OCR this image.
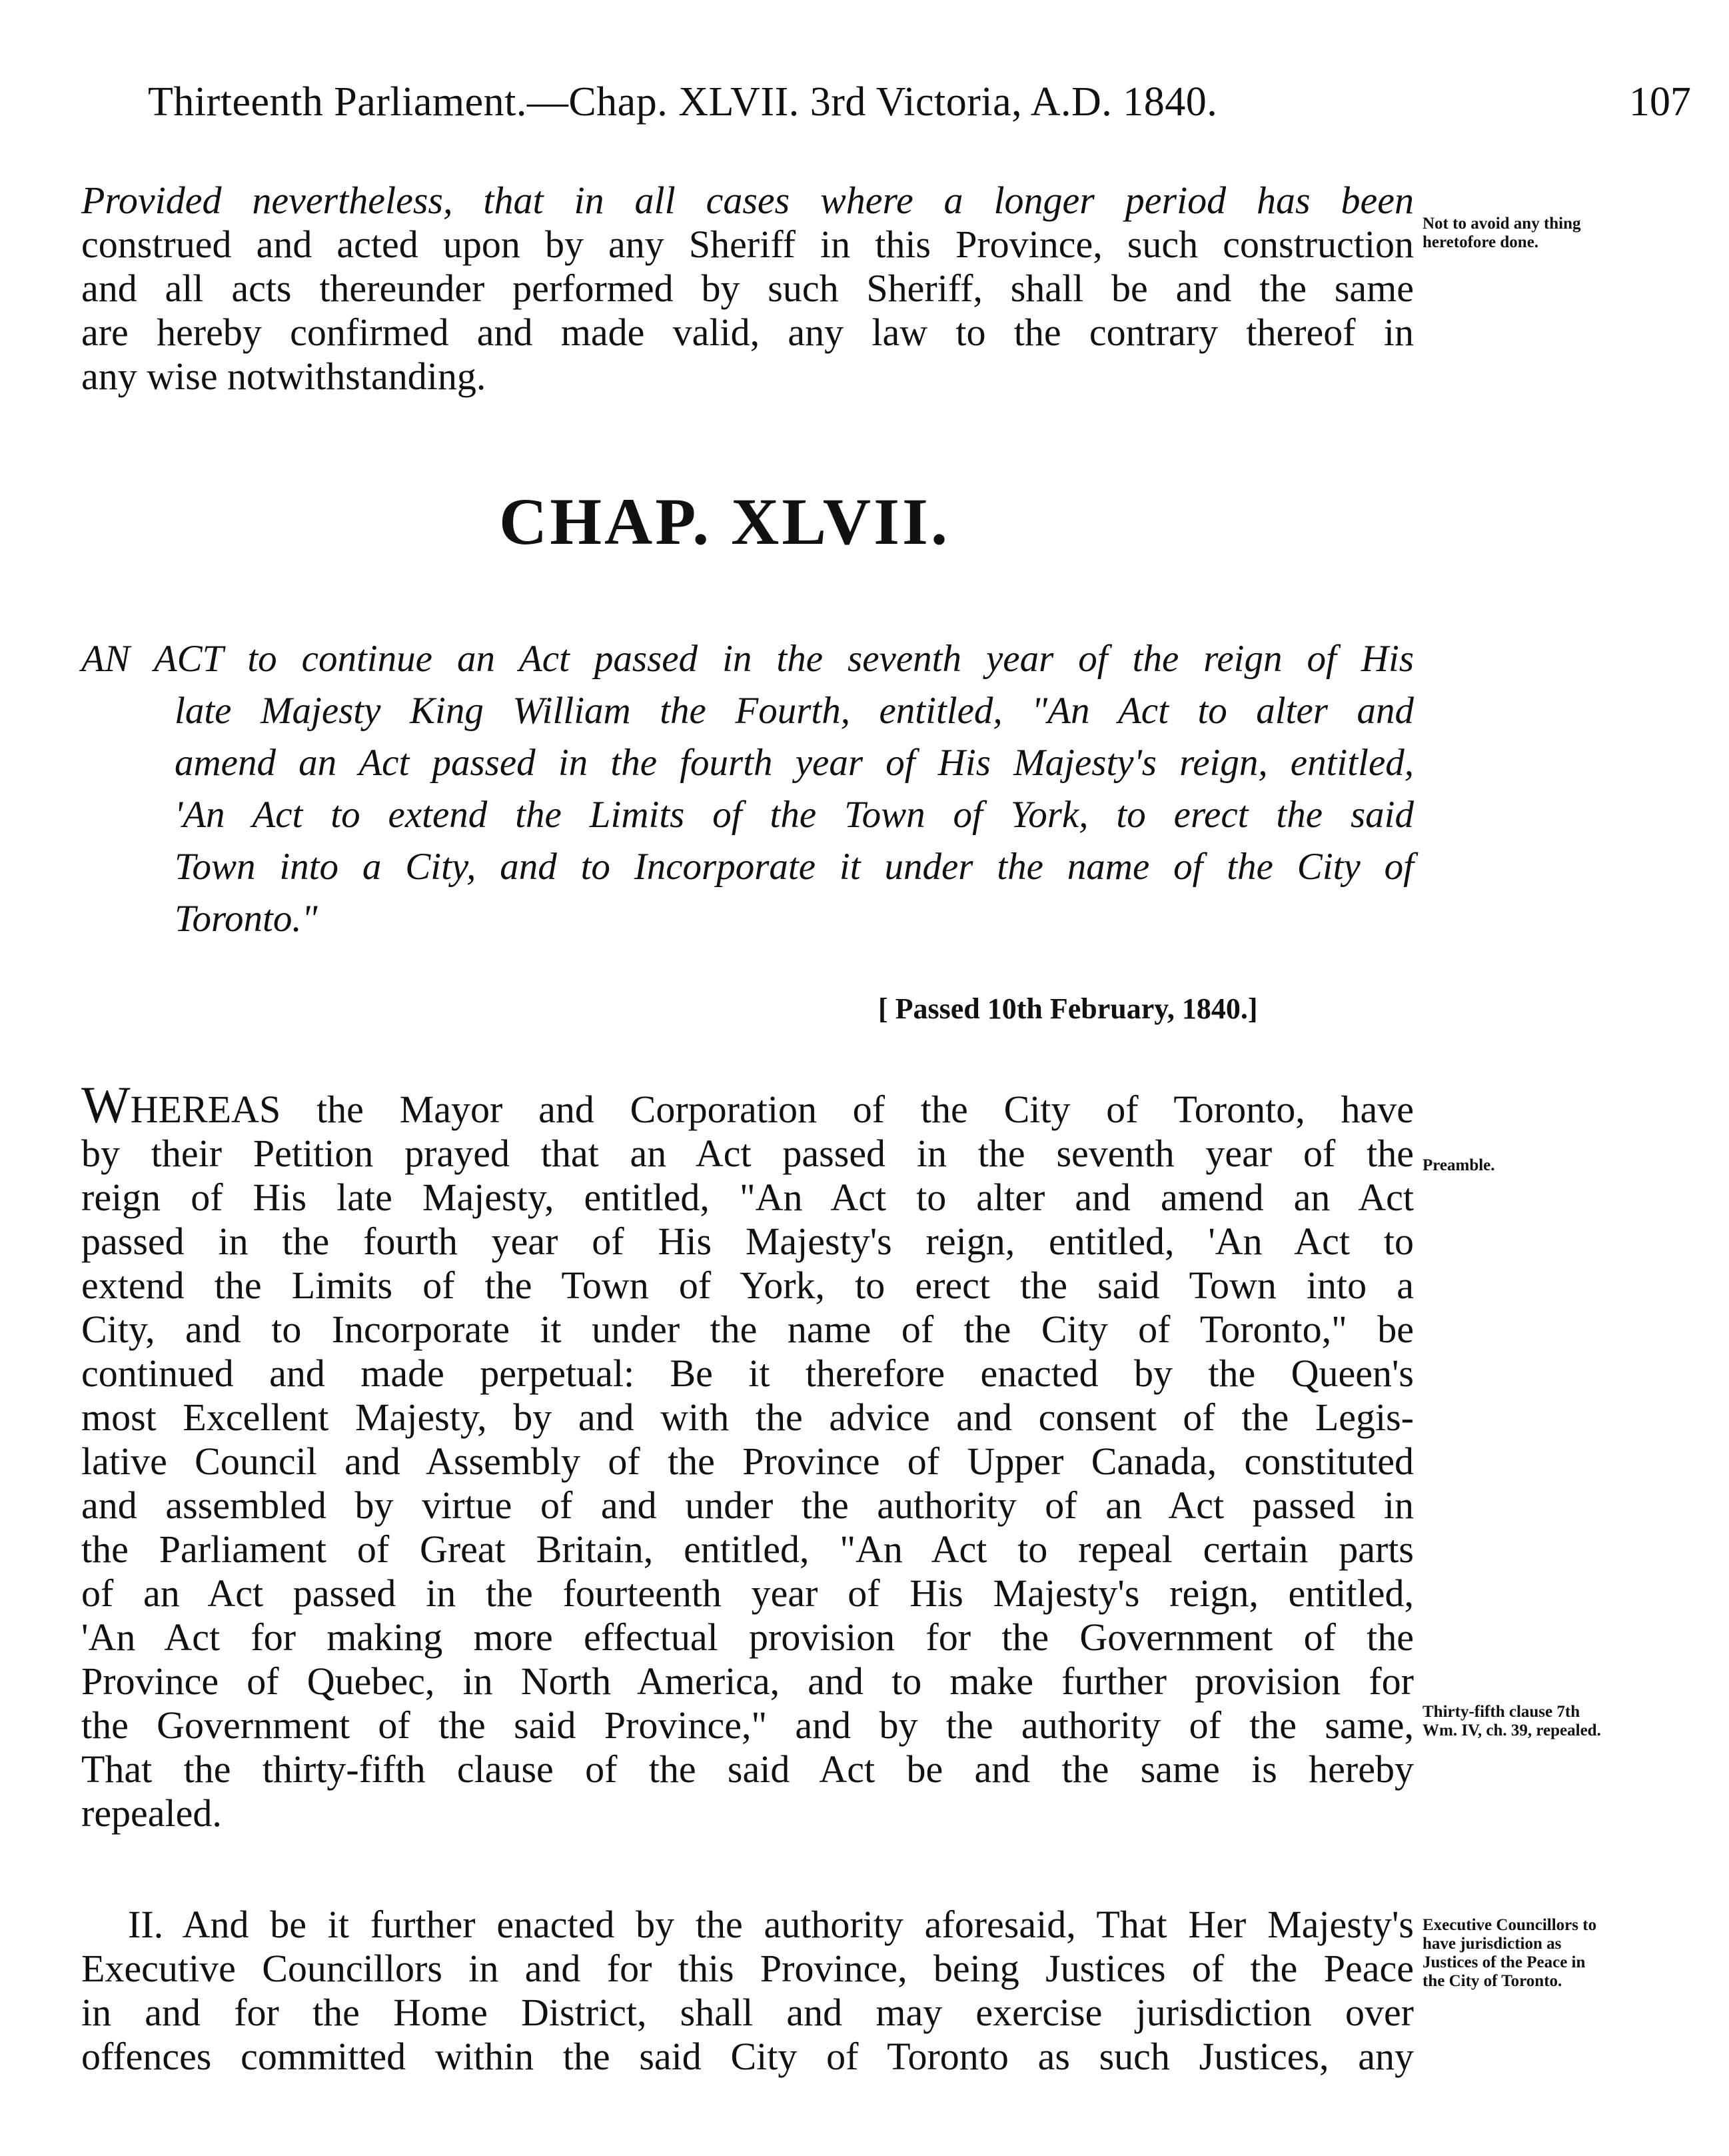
Thirteenth Parliament.—Chap. XLVII. 3rd Victoria, A.D. 1840.	107
Provided nevertheless, that in all cases where a longer period has been
construed and acted upon by any Sheriff in this Province, such construction
and all acts thereunder performed by such Sheriff, shall be and the same
are hereby confirmed and made valid, any law to the contrary thereof in
any wise notwithstanding.
Not to avoid any thing
heretofore done.
CHAP. XLVII.
AN ACT to continue an Act passed in the seventh year of the reign of His
late Majesty King William the Fourth, entitled, "An Act to alter and
amend an Act passed in the fourth year of His Majesty's reign, entitled,
'An Act to extend the Limits of the Town of York, to erect the said
Town into a City, and to Incorporate it under the name of the City of
Toronto."
[ Passed 10th February, 1840.]
WHEREAS the Mayor and Corporation of the City of Toronto, have
by their Petition prayed that an Act passed in the seventh year of the
reign of His late Majesty, entitled, "An Act to alter and amend an Act
passed in the fourth year of His Majesty's reign, entitled, 'An Act to
extend the Limits of the Town of York, to erect the said Town into a
City, and to Incorporate it under the name of the City of Toronto," be
continued and made perpetual: Be it therefore enacted by the Queen's
most Excellent Majesty, by and with the advice and consent of the Legis-
lative Council and Assembly of the Province of Upper Canada, constituted
and assembled by virtue of and under the authority of an Act passed in
the Parliament of Great Britain, entitled, "An Act to repeal certain parts
of an Act passed in the fourteenth year of His Majesty's reign, entitled,
'An Act for making more effectual provision for the Government of the
Province of Quebec, in North America, and to make further provision for
the Government of the said Province," and by the authority of the same,
That the thirty-fifth clause of the said Act be and the same is hereby
repealed.
Preamble.
Thirty-fifth clause 7th
Wm. IV, ch. 39, repealed.
II. And be it further enacted by the authority aforesaid, That Her Majesty's
Executive Councillors in and for this Province, being Justices of the Peace
in and for the Home District, shall and may exercise jurisdiction over
offences committed within the said City of Toronto as such Justices, any
Executive Councillors to
have jurisdiction as
Justices of the Peace in
the City of Toronto.
